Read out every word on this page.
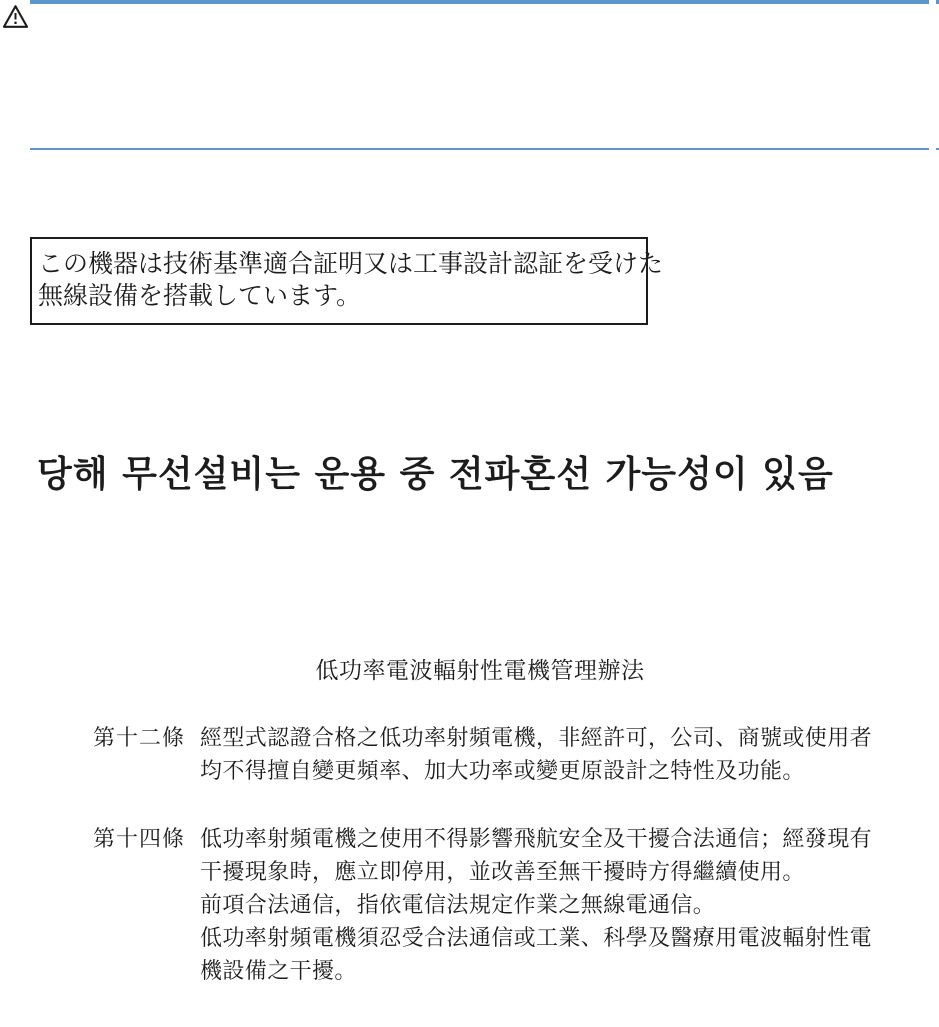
この機器は技術基準適合証明又は工事設計認証を受けた
無線設備を搭載しています。
당해 무선설비는 운용 중 전파혼선 가능성이 있음
低功率電波輻射性電機管理辦法
第十二條 經型式認證合格之低功率射頻電機，非經許可，公司、商號或使用者
均不得擅自變更頻率、加大功率或變更原設計之特性及功能。
第十四條 低功率射頻電機之使用不得影響飛航安全及干擾合法通信；經發現有
干擾現象時，應立即停用，並改善至無干擾時方得繼續使用。
前項合法通信，指依電信法規定作業之無線電通信。
低功率射頻電機須忍受合法通信或工業、科學及醫療用電波輻射性電
機設備之干擾。
